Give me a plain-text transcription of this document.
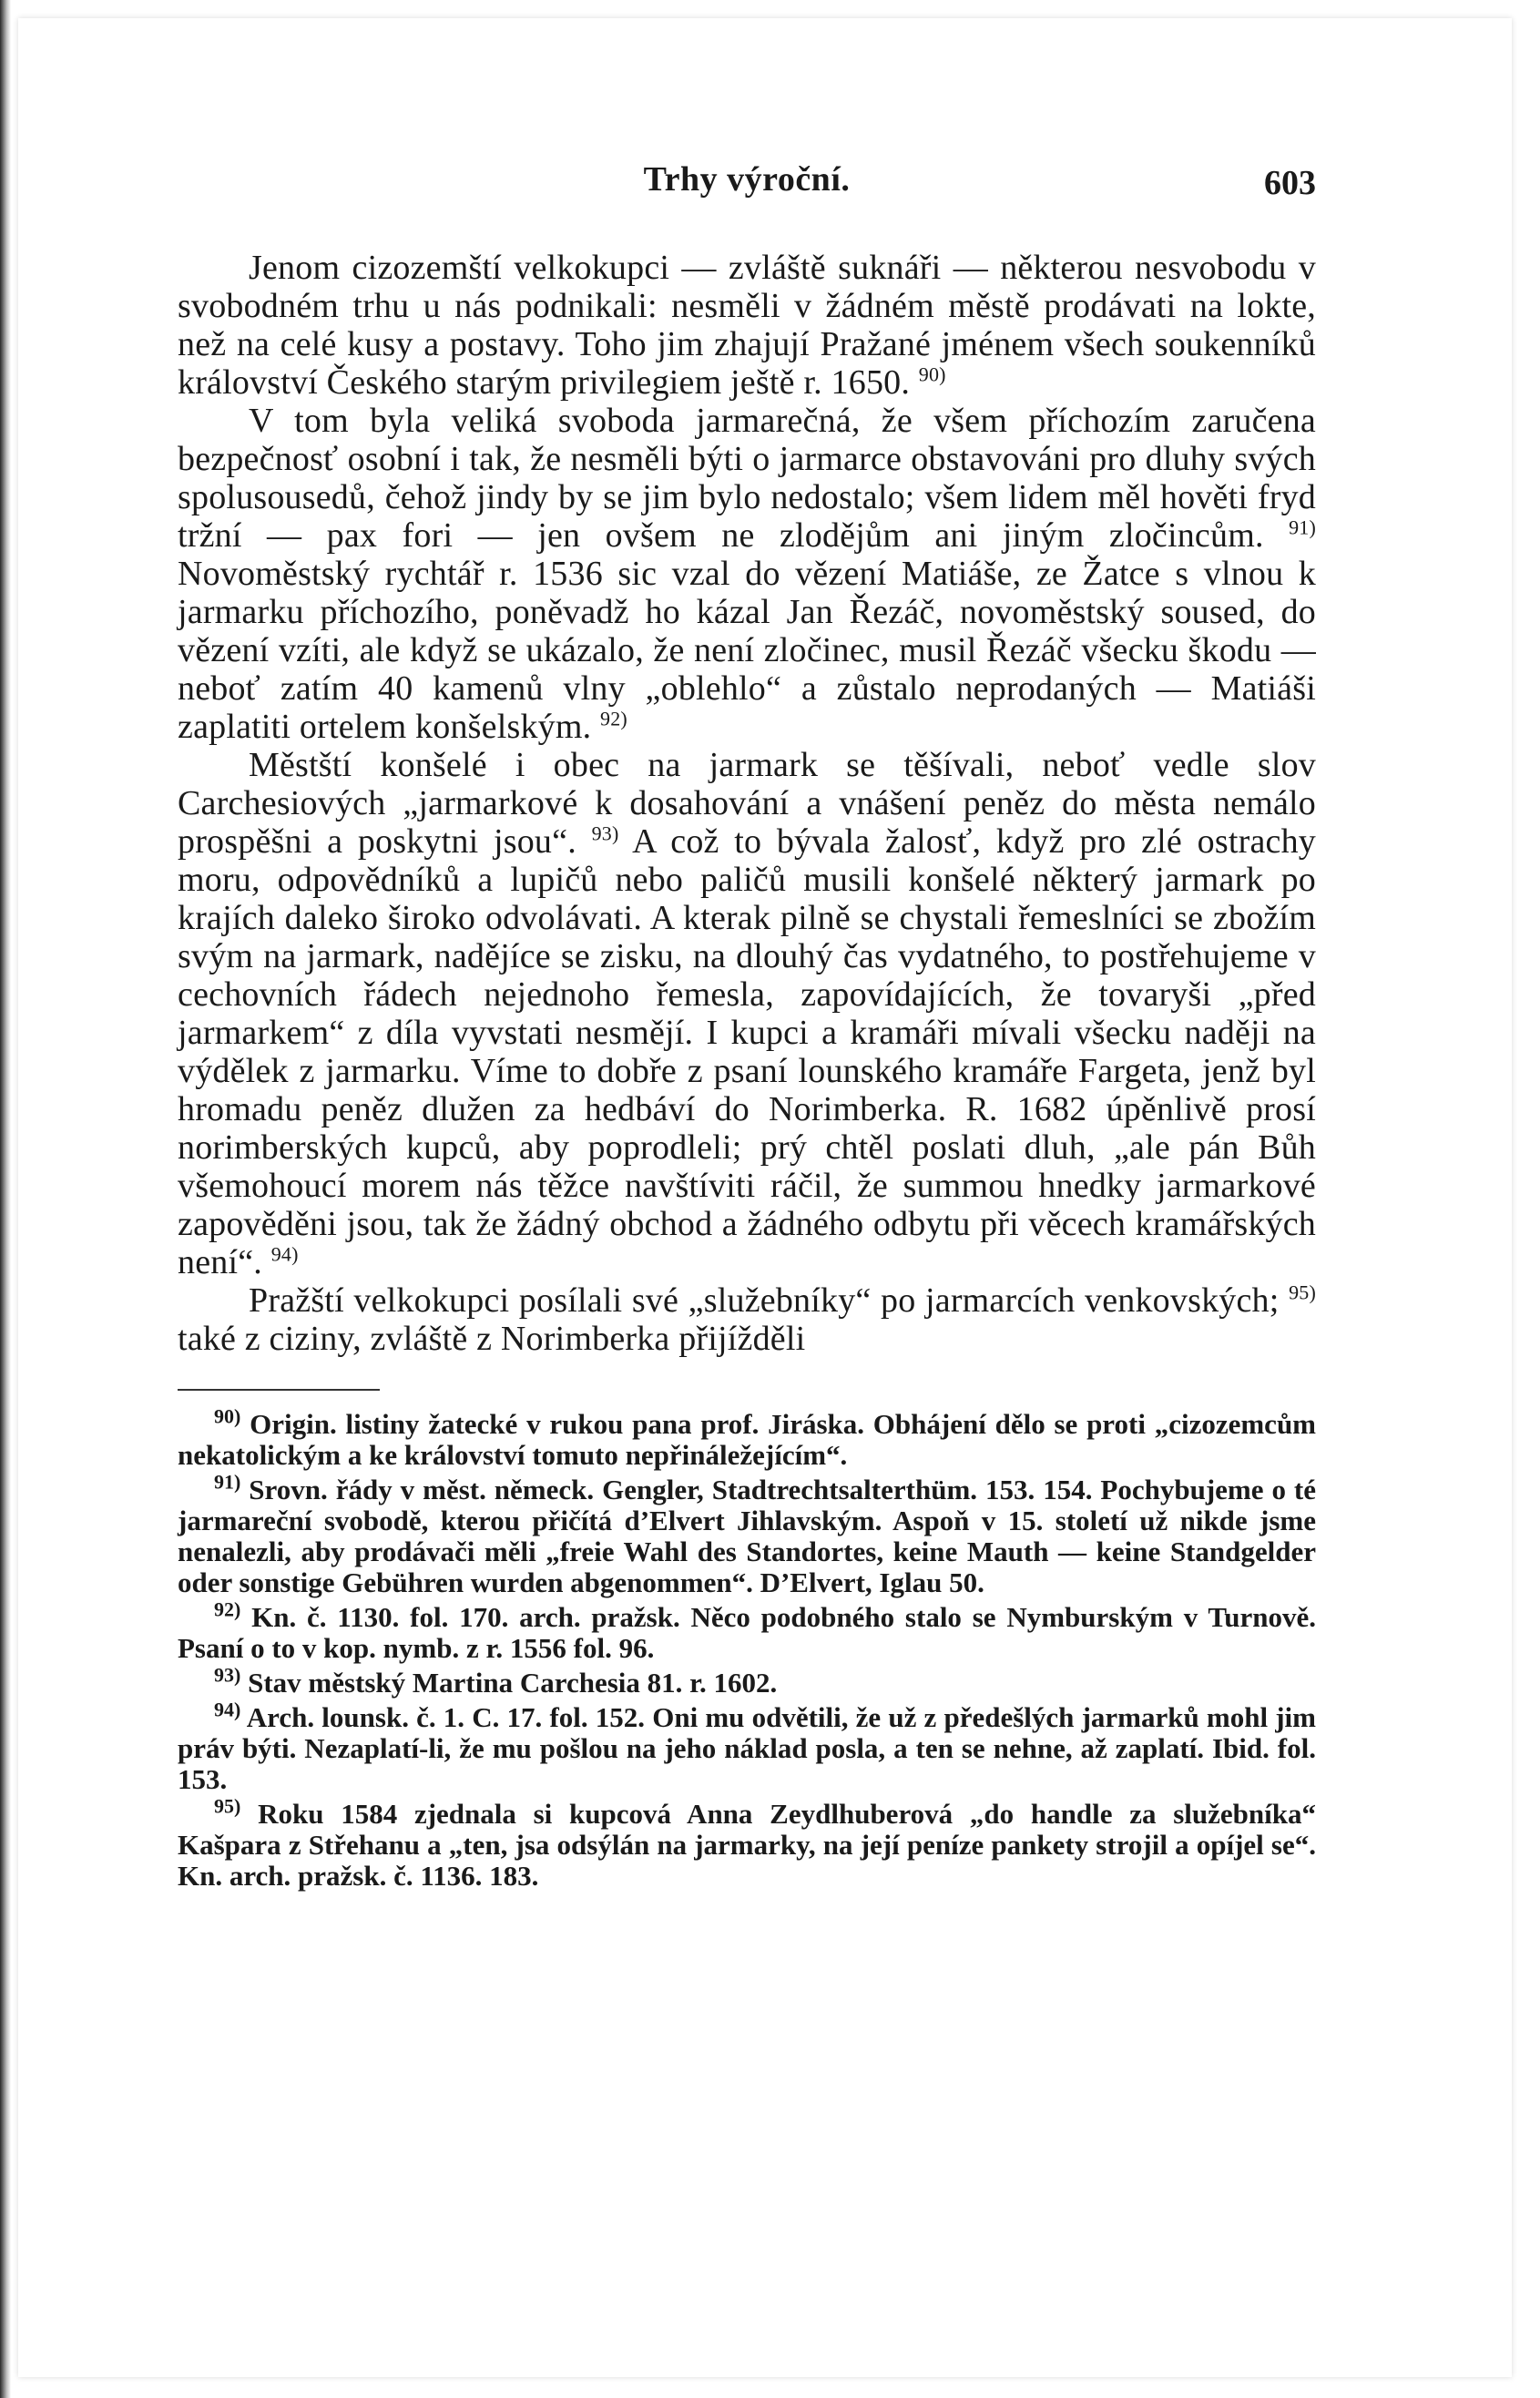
Trhy výroční.	603

Jenom cizozemští velkokupci — zvláště suknáři — některou nesvobodu v svobodném trhu u nás podnikali: nesměli v žádném městě prodávati na lokte, než na celé kusy a postavy. Toho jim zhajují Pražané jménem všech soukenníků království Českého starým privilegiem ještě r. 1650. $^{90)}$

V tom byla veliká svoboda jarmarečná, že všem příchozím zaručena bezpečnosť osobní i tak, že nesměli býti o jarmarce obstavováni pro dluhy svých spolusousedů, čehož jindy by se jim bylo nedostalo; všem lidem měl hověti fryd tržní — pax fori — jen ovšem ne zlodějům ani jiným zločincům. $^{91)}$ Novoměstský rychtář r. 1536 sic vzal do vězení Matiáše, ze Žatce s vlnou k jarmarku příchozího, poněvadž ho kázal Jan Řezáč, novoměstský soused, do vězení vzíti, ale když se ukázalo, že není zločinec, musil Řezáč všecku škodu — neboť zatím 40 kamenů vlny „oblehlo“ a zůstalo neprodaných — Matiáši zaplatiti ortelem konšelským. $^{92)}$

Městští konšelé i obec na jarmark se těšívali, neboť vedle slov Carchesiových „jarmarkové k dosahování a vnášení peněz do města nemálo prospěšni a poskytni jsou“. $^{93)}$ A což to bývala žalosť, když pro zlé ostrachy moru, odpovědníků a lupičů nebo paličů musili konšelé některý jarmark po krajích daleko široko odvolávati. A kterak pilně se chystali řemeslníci se zbožím svým na jarmark, nadějíce se zisku, na dlouhý čas vydatného, to postřehujeme v cechovních řádech nejednoho řemesla, zapovídajících, že tovaryši „před jarmarkem“ z díla vyvstati nesmějí. I kupci a kramáři mívali všecku naději na výdělek z jarmarku. Víme to dobře z psaní lounského kramáře Fargeta, jenž byl hromadu peněz dlužen za hedbáví do Norimberka. R. 1682 úpěnlivě prosí norimberských kupců, aby poprodleli; prý chtěl poslati dluh, „ale pán Bůh všemohoucí morem nás těžce navštíviti ráčil, že summou hnedky jarmarkové zapověděni jsou, tak že žádný obchod a žádného odbytu při věcech kramářských není“. $^{94)}$

Pražští velkokupci posílali své „služebníky“ po jarmarcích venkovských; $^{95)}$ také z ciziny, zvláště z Norimberka přijížděli

$^{90)}$ Origin. listiny žatecké v rukou pana prof. Jiráska. Obhájení dělo se proti „cizozemcům nekatolickým a ke království tomuto nepřináležejícím“.

$^{91)}$ Srovn. řády v měst. německ. Gengler, Stadtrechtsalterthüm. 153. 154. Pochybujeme o té jarmareční svobodě, kterou přičítá d’Elvert Jihlavským. Aspoň v 15. století už nikde jsme nenalezli, aby prodávači měli „freie Wahl des Standortes, keine Mauth — keine Standgelder oder sonstige Gebühren wurden abgenommen“. D’Elvert, Iglau 50.

$^{92)}$ Kn. č. 1130. fol. 170. arch. pražsk. Něco podobného stalo se Nymburským v Turnově. Psaní o to v kop. nymb. z r. 1556 fol. 96.

$^{93)}$ Stav městský Martina Carchesia 81. r. 1602.

$^{94)}$ Arch. lounsk. č. 1. C. 17. fol. 152. Oni mu odvětili, že už z předešlých jarmarků mohl jim práv býti. Nezaplatí-li, že mu pošlou na jeho náklad posla, a ten se nehne, až zaplatí. Ibid. fol. 153.

$^{95)}$ Roku 1584 zjednala si kupcová Anna Zeydlhuberová „do handle za služebníka“ Kašpara z Střehanu a „ten, jsa odsýlán na jarmarky, na její peníze pankety strojil a opíjel se“. Kn. arch. pražsk. č. 1136. 183.
